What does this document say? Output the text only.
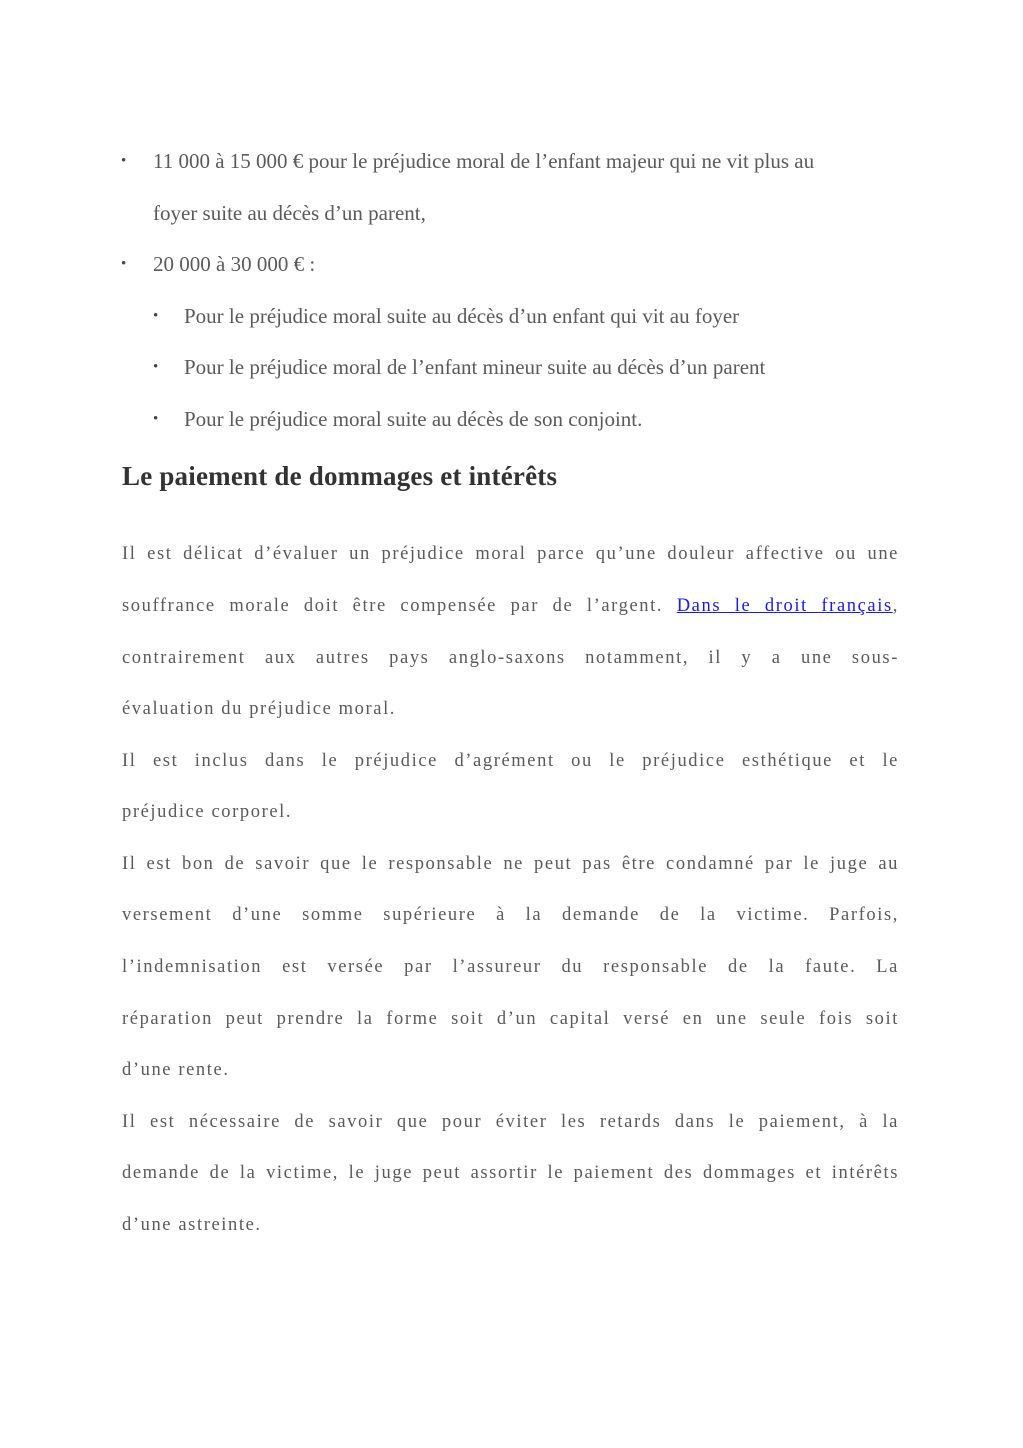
• 11 000 à 15 000 € pour le préjudice moral de l’enfant majeur qui ne vit plus au
foyer suite au décès d’un parent,
• 20 000 à 30 000 € :
• Pour le préjudice moral suite au décès d’un enfant qui vit au foyer
• Pour le préjudice moral de l’enfant mineur suite au décès d’un parent
• Pour le préjudice moral suite au décès de son conjoint.
Le paiement de dommages et intérêts
Il est délicat d’évaluer un préjudice moral parce qu’une douleur affective ou une
souffrance morale doit être compensée par de l’argent. Dans le droit français,
contrairement aux autres pays anglo-saxons notamment, il y a une sous-
évaluation du préjudice moral.
Il est inclus dans le préjudice d’agrément ou le préjudice esthétique et le
préjudice corporel.
Il est bon de savoir que le responsable ne peut pas être condamné par le juge au
versement d’une somme supérieure à la demande de la victime. Parfois,
l’indemnisation est versée par l’assureur du responsable de la faute. La
réparation peut prendre la forme soit d’un capital versé en une seule fois soit
d’une rente.
Il est nécessaire de savoir que pour éviter les retards dans le paiement, à la
demande de la victime, le juge peut assortir le paiement des dommages et intérêts
d’une astreinte.
